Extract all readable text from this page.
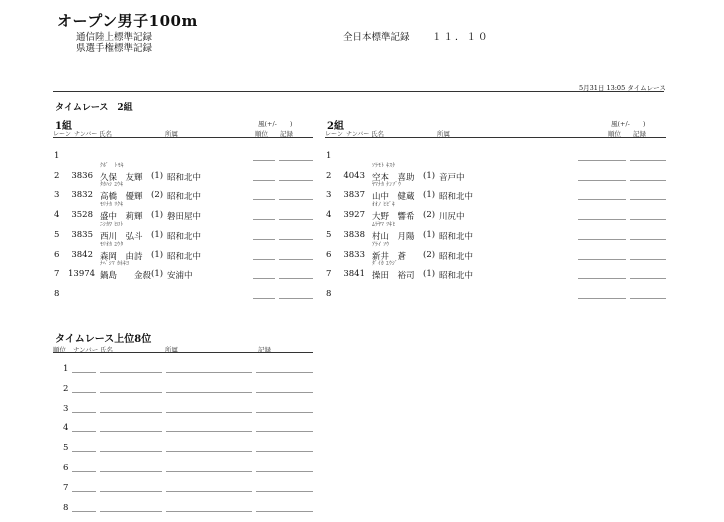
オープン男子100m
通信陸上標準記録
県選手権標準記録
全日本標準記録 １１．１０
5月31日 13:05 タイムレース
タイムレース　2組
1組	風(+/-　　)
レーン ナンバー 氏名	所属	順位 記録
1
ｸﾎﾞ　ﾄﾓｷ
2	3836 久保　友輝 (1) 昭和北中
ﾀｶﾊｼ ﾕｳｷ
3	3832 高橋　優輝 (2) 昭和北中
ﾓﾘﾅｶ ﾘｸｷ
4	3528 盛中　莉輝 (1) 磐田屋中
ﾆｼｶﾜ ﾋﾛﾄ
5	3835 西川　弘斗 (1) 昭和北中
ﾓﾘｵｶ ﾕｳﾀ
6	3842 森岡　由詩 (1) 昭和北中
ﾅﾍﾞｼﾏ ｶﾈｷﾖ
7 13974 鍋島　　金殺 (1) 安浦中
8
2組	風(+/-　　)
レーン ナンバー 氏名	所属	順位 記録
1
ｿﾗﾓﾄ ｷｽｹ
2	4043 空本　喜助 (1) 音戸中
ﾔﾏﾅｶ ｹﾝｿﾞｳ
3	3837 山中　健蔵 (1) 昭和北中
ｵｵﾉ ﾋﾋﾞｷ
4	3927 大野　響希 (2) 川尻中
ﾑﾗﾔﾏ ﾂｷﾋ
5	3838 村山　月陽 (1) 昭和北中
ｱﾗｲ ｿｳ
6	3833 新井　蒼 (2) 昭和北中
ﾀﾞｲｶ ﾕｳｼﾞ
7	3841 操田　裕司 (1) 昭和北中
8
タイムレース上位8位
順位 ナンバー 氏名	所属	記録
1
2
3
4
5
6
7
8
